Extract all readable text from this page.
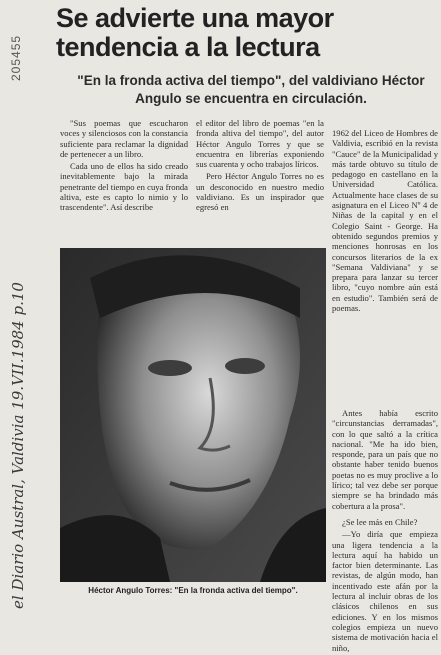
205455
el Diario Austral, Valdivia 19.VII.1984 p.10
Se advierte una mayor tendencia a la lectura
"En la fronda activa del tiempo", del valdiviano Héctor Angulo se encuentra en circulación.

"Sus poemas que escucharon voces y silenciosos con la constancia suficiente para reclamar la dignidad de pertenecer a un libro.

Cada uno de ellos ha sido creado inevitablemente bajo la mirada penetrante del tiempo en cuya fronda altiva, este es capto lo nimio y lo trascendente". Así describe

el editor del libro de poemas "en la fronda altiva del tiempo", del autor Héctor Angulo Torres y que se encuentra en librerías exponiendo sus cuarenta y ocho trabajos líricos.

Pero Héctor Angulo Torres no es un desconocido en nuestro medio valdiviano. Es un inspirador que egresó en

1962 del Liceo de Hombres de Valdivia, escribió en la revista "Cauce" de la Municipalidad y más tarde obtuvo su título de pedagogo en castellano en la Universidad Católica. Actualmente hace clases de su asignatura en el Liceo Nº 4 de Niñas de la capital y en el Colegio Saint - George. Ha obtenido segundos premios y menciones honrosas en los concursos literarios de la ex "Semana Valdiviana" y se prepara para lanzar su tercer libro, "cuyo nombre aún está en estudio". También será de poemas.

Antes había escrito "circunstancias derramadas", con lo que saltó a la crítica nacional. "Me ha ido bien, responde, para un país que no obstante haber tenido buenos poetas no es muy proclive a lo lírico; tal vez debe ser porque siempre se ha brindado más cobertura a la prosa".

¿Se lee más en Chile?

—Yo diría que empieza una ligera tendencia a la lectura aquí ha habido un factor bien determinante. Las revistas, de algún modo, han incentivado este afán por la lectura al incluir obras de los clásicos chilenos en sus ediciones. Y en los mismos colegios empieza un nuevo sistema de motivación hacia el niño,

Héctor Angulo Torres: "En la fronda activa del tiempo".
